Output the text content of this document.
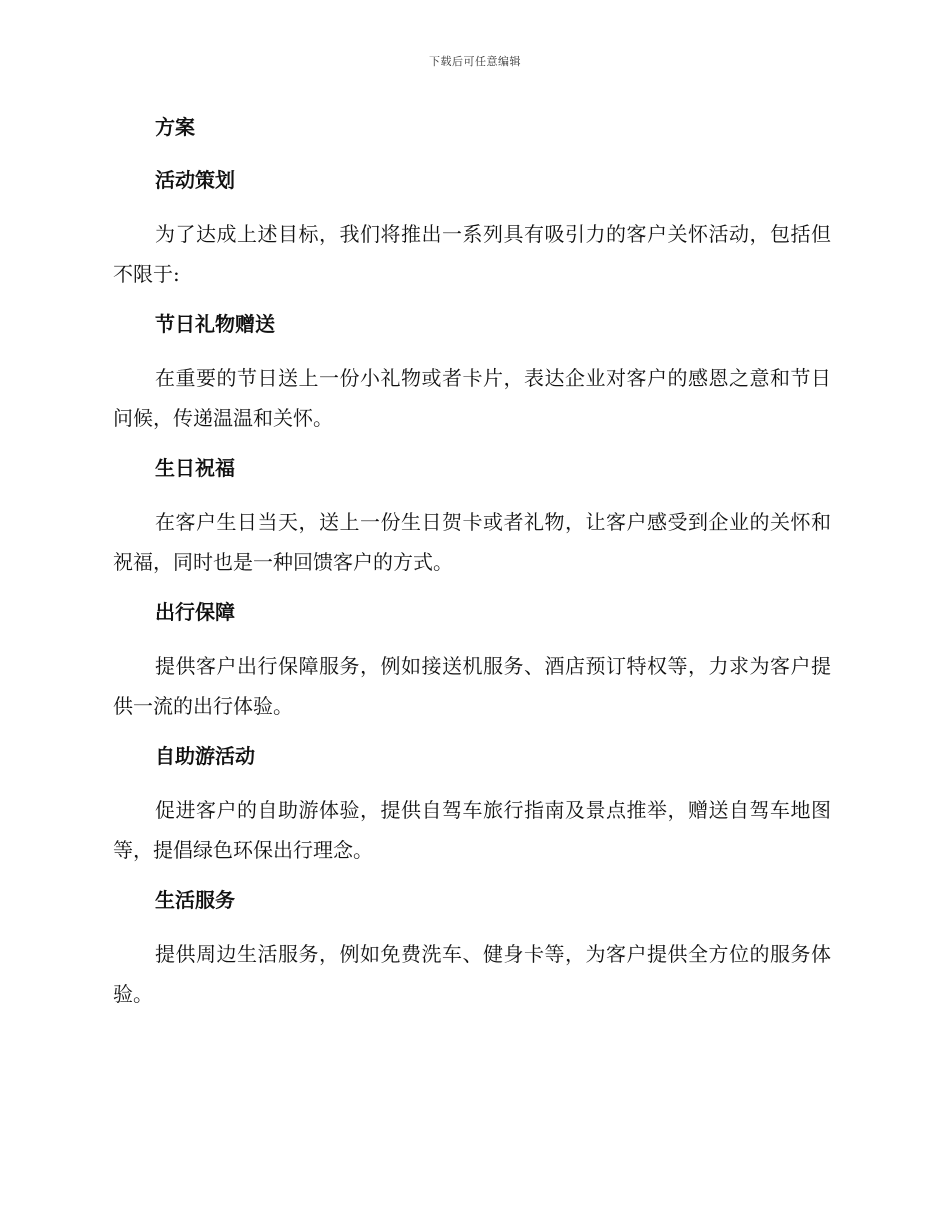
下载后可任意编辑
方案
活动策划
为了达成上述目标，我们将推出一系列具有吸引力的客户关怀活动，包括但不限于:
节日礼物赠送
在重要的节日送上一份小礼物或者卡片，表达企业对客户的感恩之意和节日问候，传递温温和关怀。
生日祝福
在客户生日当天，送上一份生日贺卡或者礼物，让客户感受到企业的关怀和祝福，同时也是一种回馈客户的方式。
出行保障
提供客户出行保障服务，例如接送机服务、酒店预订特权等，力求为客户提供一流的出行体验。
自助游活动
促进客户的自助游体验，提供自驾车旅行指南及景点推举，赠送自驾车地图等，提倡绿色环保出行理念。
生活服务
提供周边生活服务，例如免费洗车、健身卡等，为客户提供全方位的服务体验。
